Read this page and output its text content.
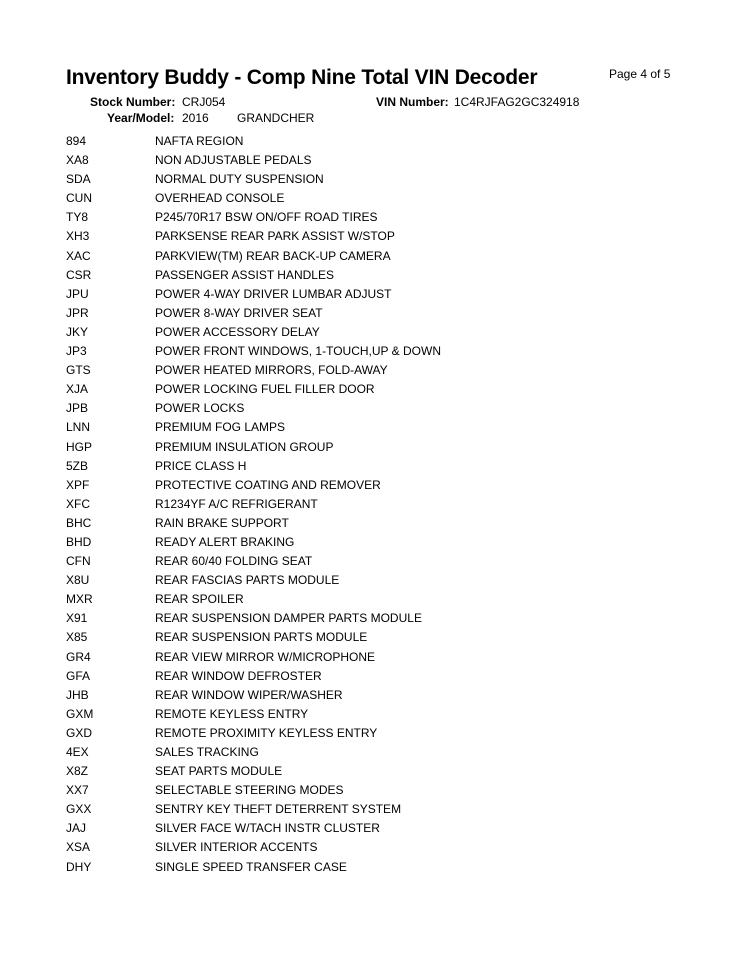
Inventory Buddy - Comp Nine Total VIN Decoder	Page 4 of 5
Stock Number: CRJ054	VIN Number: 1C4RJFAG2GC324918
Year/Model: 2016 GRANDCHER
894	NAFTA REGION
XA8	NON ADJUSTABLE PEDALS
SDA	NORMAL DUTY SUSPENSION
CUN	OVERHEAD CONSOLE
TY8	P245/70R17 BSW ON/OFF ROAD TIRES
XH3	PARKSENSE REAR PARK ASSIST W/STOP
XAC	PARKVIEW(TM) REAR BACK-UP CAMERA
CSR	PASSENGER ASSIST HANDLES
JPU	POWER 4-WAY DRIVER LUMBAR ADJUST
JPR	POWER 8-WAY DRIVER SEAT
JKY	POWER ACCESSORY DELAY
JP3	POWER FRONT WINDOWS, 1-TOUCH,UP & DOWN
GTS	POWER HEATED MIRRORS, FOLD-AWAY
XJA	POWER LOCKING FUEL FILLER DOOR
JPB	POWER LOCKS
LNN	PREMIUM FOG LAMPS
HGP	PREMIUM INSULATION GROUP
5ZB	PRICE CLASS H
XPF	PROTECTIVE COATING AND REMOVER
XFC	R1234YF A/C REFRIGERANT
BHC	RAIN BRAKE SUPPORT
BHD	READY ALERT BRAKING
CFN	REAR 60/40 FOLDING SEAT
X8U	REAR FASCIAS PARTS MODULE
MXR	REAR SPOILER
X91	REAR SUSPENSION DAMPER PARTS MODULE
X85	REAR SUSPENSION PARTS MODULE
GR4	REAR VIEW MIRROR W/MICROPHONE
GFA	REAR WINDOW DEFROSTER
JHB	REAR WINDOW WIPER/WASHER
GXM	REMOTE KEYLESS ENTRY
GXD	REMOTE PROXIMITY KEYLESS ENTRY
4EX	SALES TRACKING
X8Z	SEAT PARTS MODULE
XX7	SELECTABLE STEERING MODES
GXX	SENTRY KEY THEFT DETERRENT SYSTEM
JAJ	SILVER FACE W/TACH INSTR CLUSTER
XSA	SILVER INTERIOR ACCENTS
DHY	SINGLE SPEED TRANSFER CASE
